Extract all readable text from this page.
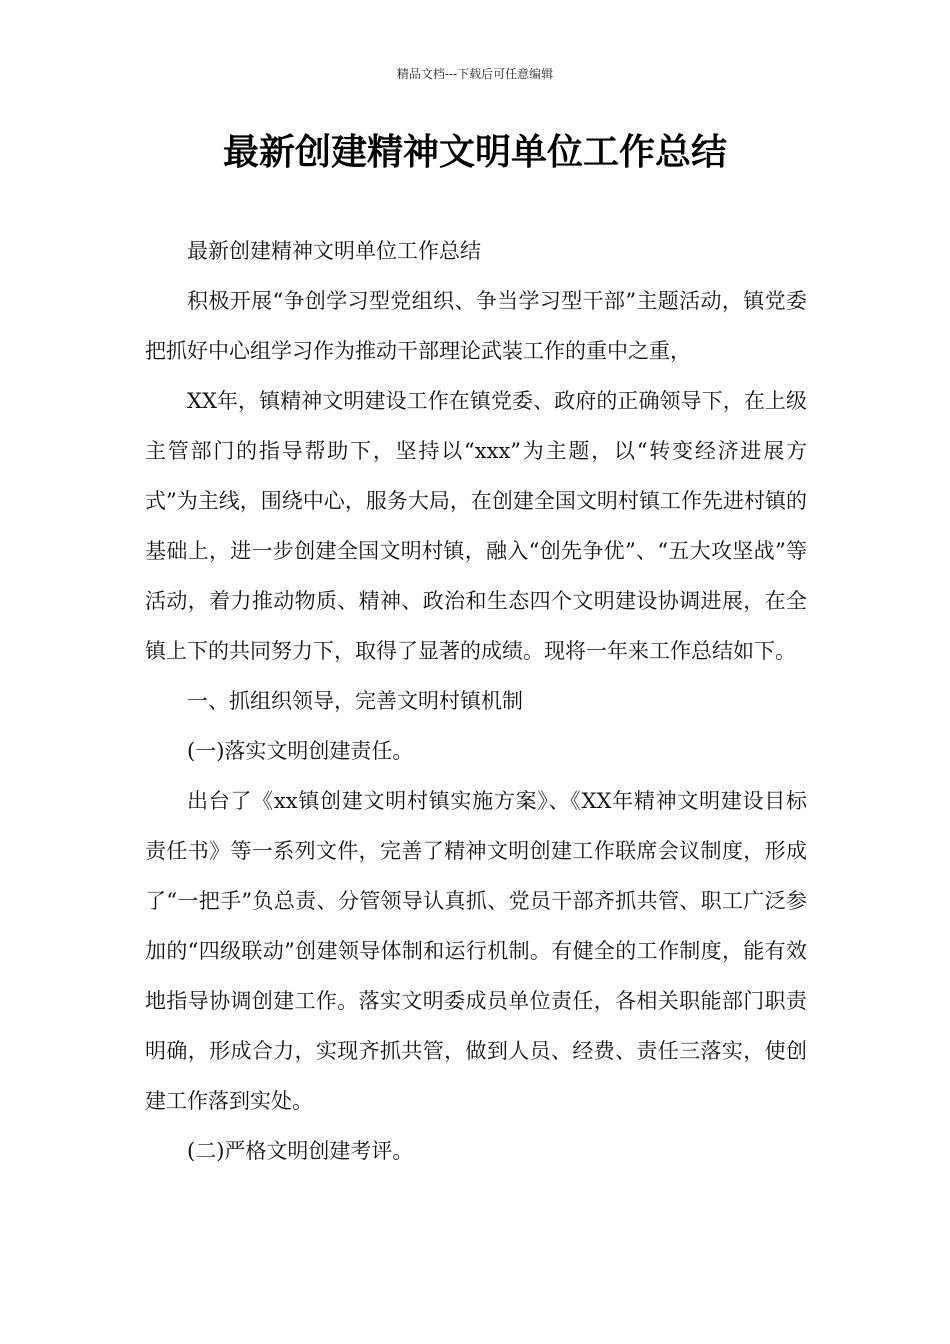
精品文档---下载后可任意编辑
最新创建精神文明单位工作总结

最新创建精神文明单位工作总结

积极开展“争创学习型党组织、争当学习型干部”主题活动，镇党委把抓好中心组学习作为推动干部理论武装工作的重中之重，

XX年，镇精神文明建设工作在镇党委、政府的正确领导下，在上级主管部门的指导帮助下，坚持以“xxx”为主题，以“转变经济进展方式”为主线，围绕中心，服务大局，在创建全国文明村镇工作先进村镇的基础上，进一步创建全国文明村镇，融入“创先争优”、“五大攻坚战”等活动，着力推动物质、精神、政治和生态四个文明建设协调进展，在全镇上下的共同努力下，取得了显著的成绩。现将一年来工作总结如下。

一、抓组织领导，完善文明村镇机制

(一)落实文明创建责任。

出台了《xx镇创建文明村镇实施方案》、《XX年精神文明建设目标责任书》等一系列文件，完善了精神文明创建工作联席会议制度，形成了“一把手”负总责、分管领导认真抓、党员干部齐抓共管、职工广泛参加的“四级联动”创建领导体制和运行机制。有健全的工作制度，能有效地指导协调创建工作。落实文明委成员单位责任，各相关职能部门职责明确，形成合力，实现齐抓共管，做到人员、经费、责任三落实，使创建工作落到实处。

(二)严格文明创建考评。
